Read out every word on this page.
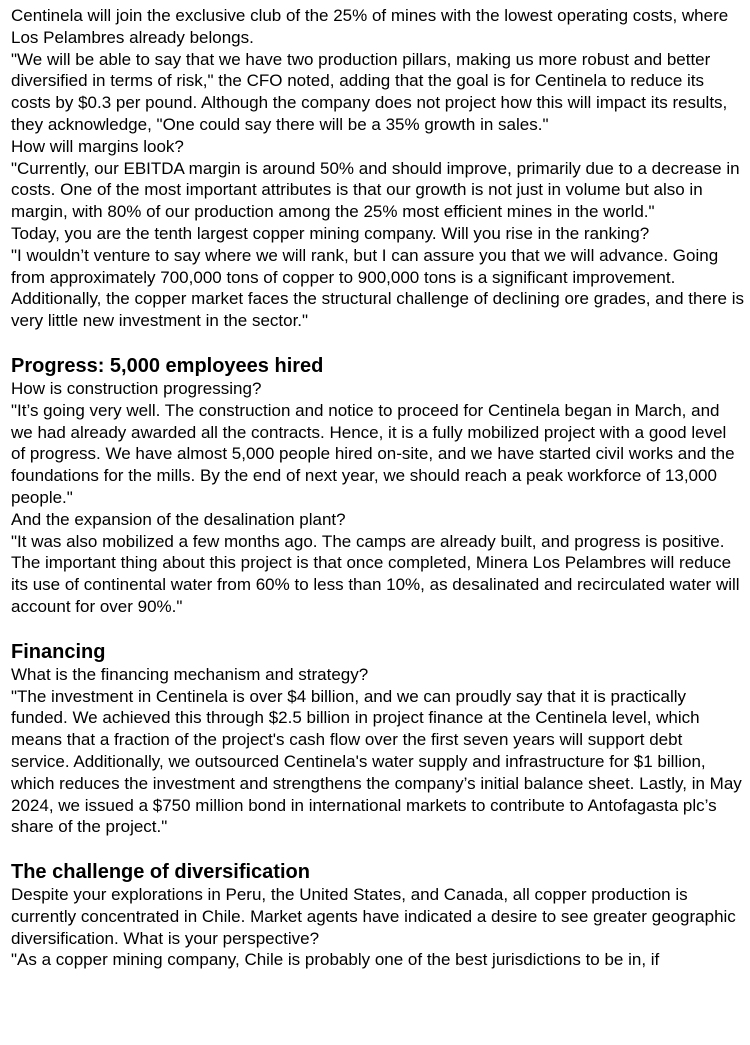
Centinela will join the exclusive club of the 25% of mines with the lowest operating costs, where Los Pelambres already belongs.

"We will be able to say that we have two production pillars, making us more robust and better diversified in terms of risk," the CFO noted, adding that the goal is for Centinela to reduce its costs by $0.3 per pound. Although the company does not project how this will impact its results, they acknowledge, "One could say there will be a 35% growth in sales."

How will margins look?

"Currently, our EBITDA margin is around 50% and should improve, primarily due to a decrease in costs. One of the most important attributes is that our growth is not just in volume but also in margin, with 80% of our production among the 25% most efficient mines in the world."

Today, you are the tenth largest copper mining company. Will you rise in the ranking?

"I wouldn’t venture to say where we will rank, but I can assure you that we will advance. Going from approximately 700,000 tons of copper to 900,000 tons is a significant improvement. Additionally, the copper market faces the structural challenge of declining ore grades, and there is very little new investment in the sector."

Progress: 5,000 employees hired

How is construction progressing?

"It’s going very well. The construction and notice to proceed for Centinela began in March, and we had already awarded all the contracts. Hence, it is a fully mobilized project with a good level of progress. We have almost 5,000 people hired on-site, and we have started civil works and the foundations for the mills. By the end of next year, we should reach a peak workforce of 13,000 people."

And the expansion of the desalination plant?

"It was also mobilized a few months ago. The camps are already built, and progress is positive. The important thing about this project is that once completed, Minera Los Pelambres will reduce its use of continental water from 60% to less than 10%, as desalinated and recirculated water will account for over 90%."

Financing

What is the financing mechanism and strategy?

"The investment in Centinela is over $4 billion, and we can proudly say that it is practically funded. We achieved this through $2.5 billion in project finance at the Centinela level, which means that a fraction of the project's cash flow over the first seven years will support debt service. Additionally, we outsourced Centinela's water supply and infrastructure for $1 billion, which reduces the investment and strengthens the company’s initial balance sheet. Lastly, in May 2024, we issued a $750 million bond in international markets to contribute to Antofagasta plc’s share of the project."

The challenge of diversification

Despite your explorations in Peru, the United States, and Canada, all copper production is currently concentrated in Chile. Market agents have indicated a desire to see greater geographic diversification. What is your perspective?

"As a copper mining company, Chile is probably one of the best jurisdictions to be in, if
